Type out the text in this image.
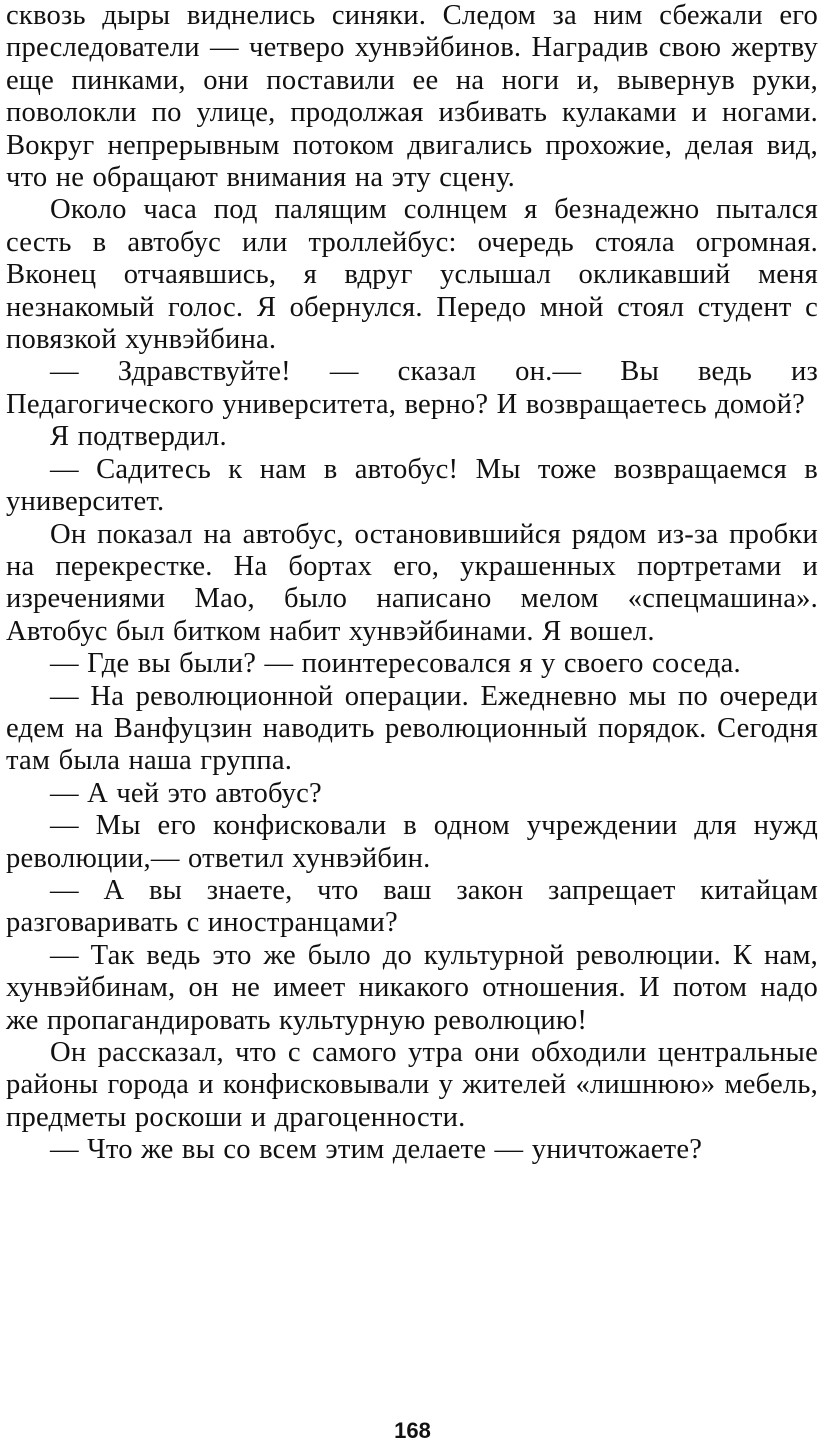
сквозь дыры виднелись синяки. Следом за ним сбежали его преследователи — четверо хунвэйбинов. Наградив свою жертву еще пинками, они поставили ее на ноги и, вывернув руки, поволокли по улице, продолжая избивать кулаками и ногами. Вокруг непрерывным потоком двигались прохожие, делая вид, что не обращают внимания на эту сцену.

Около часа под палящим солнцем я безнадежно пытался сесть в автобус или троллейбус: очередь стояла огромная. Вконец отчаявшись, я вдруг услышал окликавший меня незнакомый голос. Я обернулся. Передо мной стоял студент с повязкой хунвэйбина.

— Здравствуйте! — сказал он.— Вы ведь из Педагогического университета, верно? И возвращаетесь домой?

Я подтвердил.

— Садитесь к нам в автобус! Мы тоже возвращаемся в университет.

Он показал на автобус, остановившийся рядом из-за пробки на перекрестке. На бортах его, украшенных портретами и изречениями Мао, было написано мелом «спецмашина». Автобус был битком набит хунвэйбинами. Я вошел.

— Где вы были? — поинтересовался я у своего соседа.

— На революционной операции. Ежедневно мы по очереди едем на Ванфуцзин наводить революционный порядок. Сегодня там была наша группа.

— А чей это автобус?

— Мы его конфисковали в одном учреждении для нужд революции,— ответил хунвэйбин.

— А вы знаете, что ваш закон запрещает китайцам разговаривать с иностранцами?

— Так ведь это же было до культурной революции. К нам, хунвэйбинам, он не имеет никакого отношения. И потом надо же пропагандировать культурную революцию!

Он рассказал, что с самого утра они обходили центральные районы города и конфисковывали у жителей «лишнюю» мебель, предметы роскоши и драгоценности.

— Что же вы со всем этим делаете — уничтожаете?

168
